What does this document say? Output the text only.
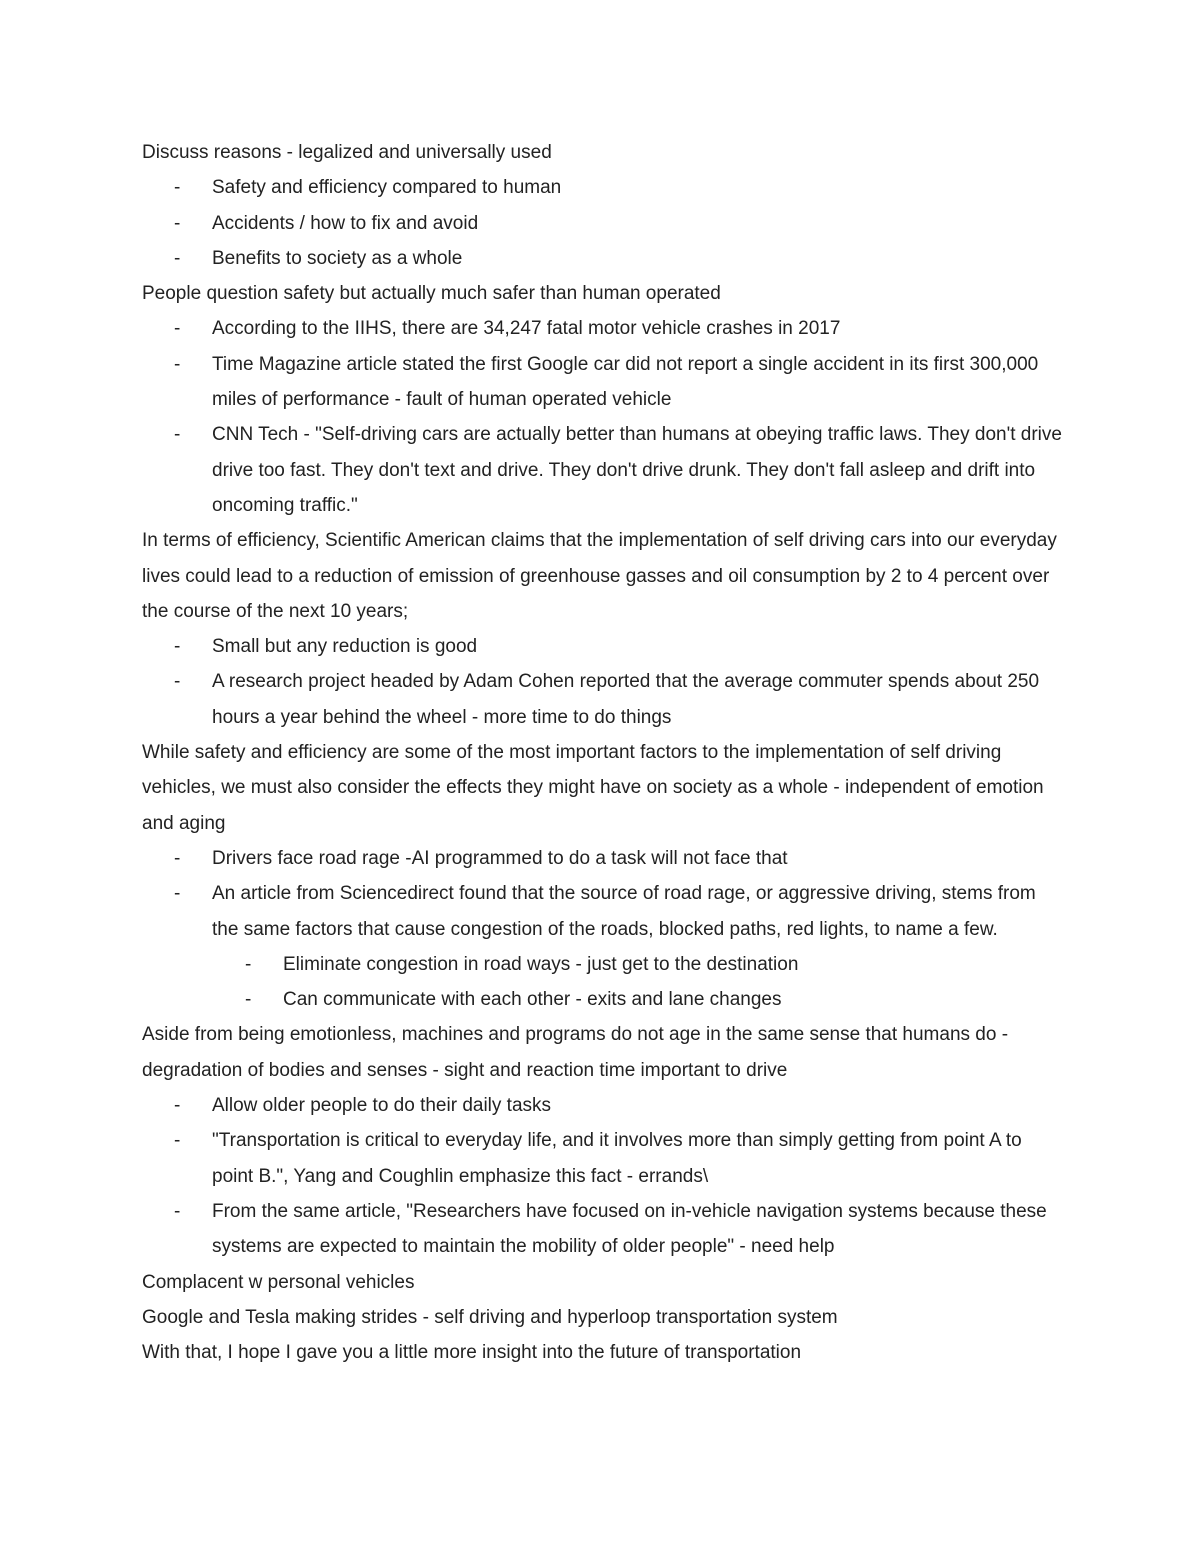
Discuss reasons - legalized and universally used

- Safety and efficiency compared to human
- Accidents / how to fix and avoid
- Benefits to society as a whole

People question safety but actually much safer than human operated

- According to the IIHS, there are 34,247 fatal motor vehicle crashes in 2017
- Time Magazine article stated the first Google car did not report a single accident in its first 300,000 miles of performance - fault of human operated vehicle
- CNN Tech - "Self-driving cars are actually better than humans at obeying traffic laws. They don't drive drive too fast. They don't text and drive. They don't drive drunk. They don't fall asleep and drift into oncoming traffic."

In terms of efficiency, Scientific American claims that the implementation of self driving cars into our everyday lives could lead to a reduction of emission of greenhouse gasses and oil consumption by 2 to 4 percent over the course of the next 10 years;

- Small but any reduction is good
- A research project headed by Adam Cohen reported that the average commuter spends about 250 hours a year behind the wheel - more time to do things

While safety and efficiency are some of the most important factors to the implementation of self driving vehicles, we must also consider the effects they might have on society as a whole - independent of emotion and aging

- Drivers face road rage -AI programmed to do a task will not face that
- An article from Sciencedirect found that the source of road rage, or aggressive driving, stems from the same factors that cause congestion of the roads, blocked paths, red lights, to name a few.
- Eliminate congestion in road ways - just get to the destination
- Can communicate with each other - exits and lane changes

Aside from being emotionless, machines and programs do not age in the same sense that humans do - degradation of bodies and senses - sight and reaction time important to drive

- Allow older people to do their daily tasks
- "Transportation is critical to everyday life, and it involves more than simply getting from point A to point B.", Yang and Coughlin emphasize this fact - errands\
- From the same article, "Researchers have focused on in-vehicle navigation systems because these systems are expected to maintain the mobility of older people" - need help

Complacent w personal vehicles

Google and Tesla making strides - self driving and hyperloop transportation system

With that, I hope I gave you a little more insight into the future of transportation
